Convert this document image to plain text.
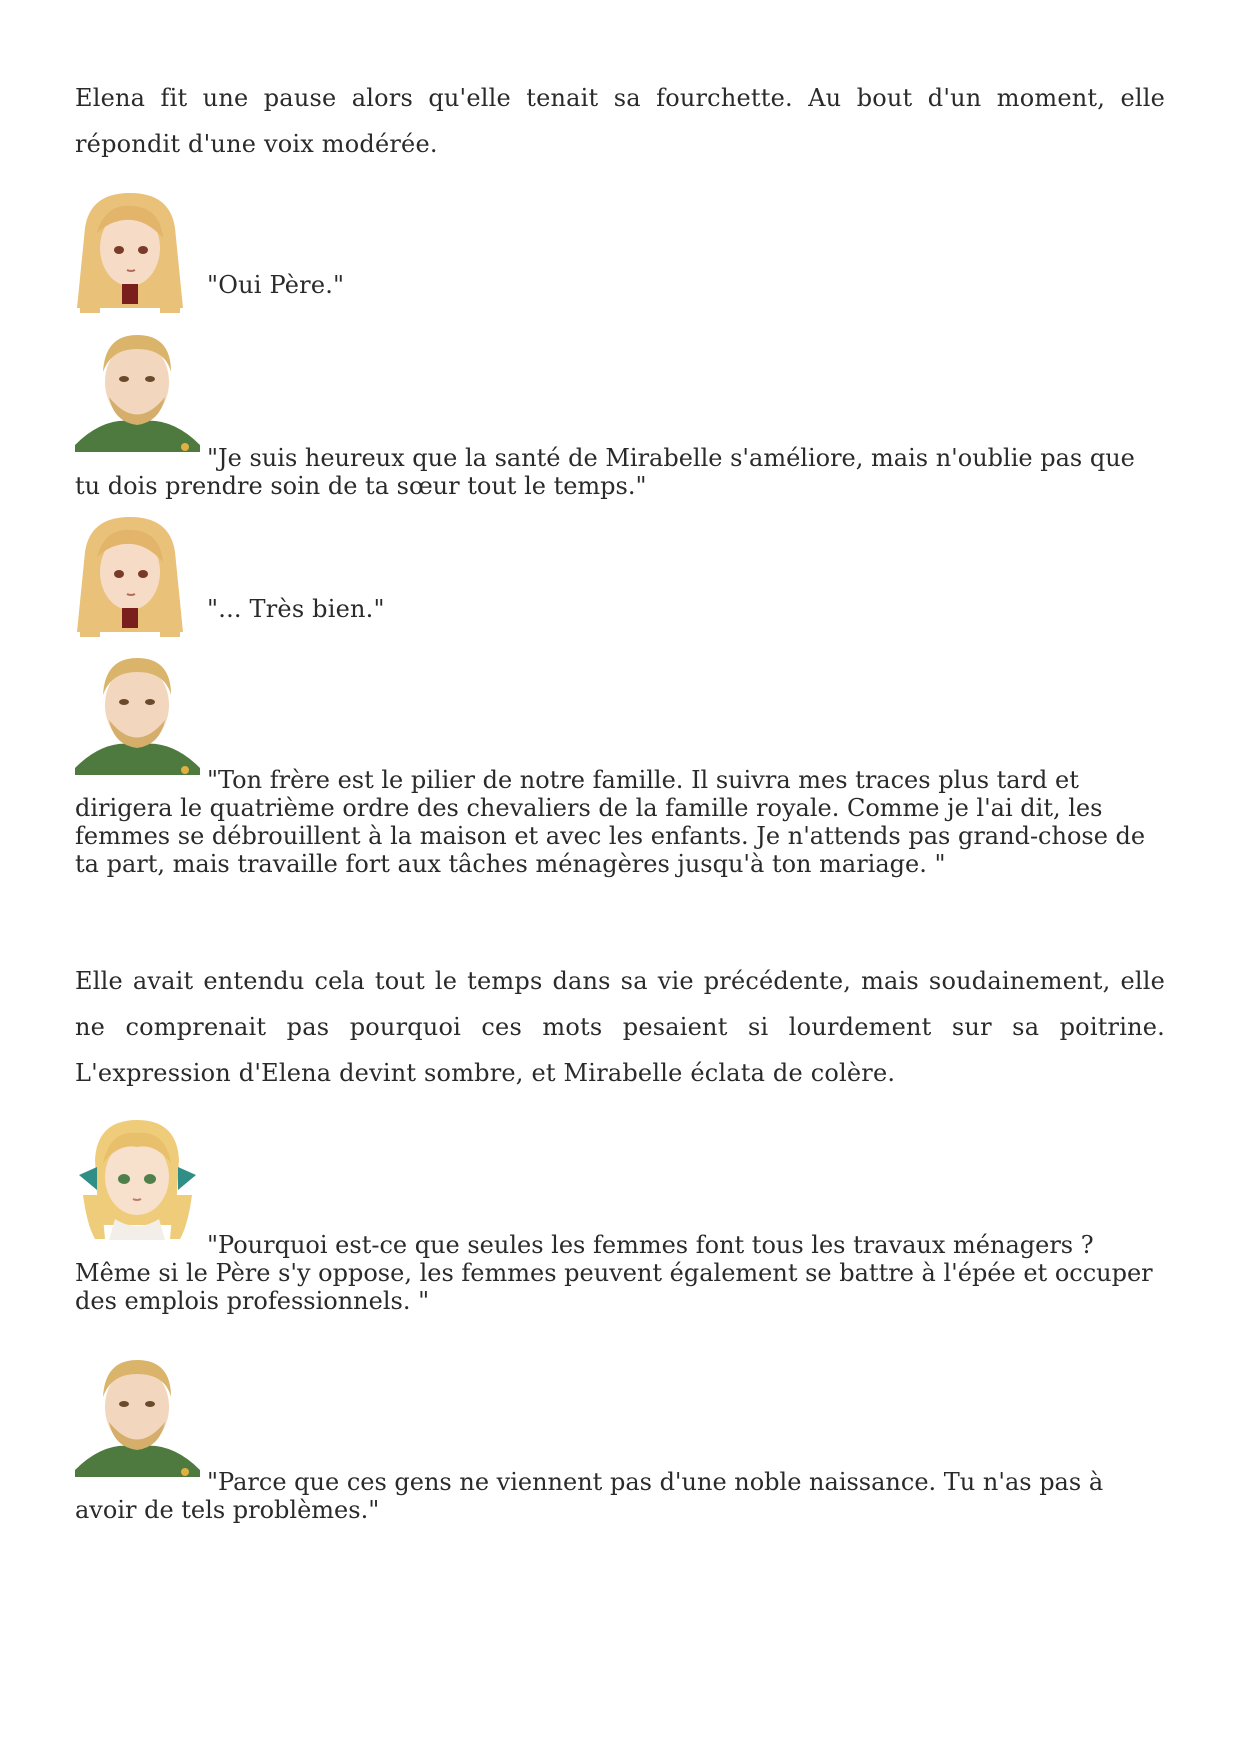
Elena fit une pause alors qu'elle tenait sa fourchette. Au bout d'un moment, elle répondit d'une voix modérée.

"Oui Père."

"Je suis heureux que la santé de Mirabelle s'améliore, mais n'oublie pas que tu dois prendre soin de ta sœur tout le temps."

"... Très bien."

"Ton frère est le pilier de notre famille. Il suivra mes traces plus tard et dirigera le quatrième ordre des chevaliers de la famille royale. Comme je l'ai dit, les femmes se débrouillent à la maison et avec les enfants. Je n'attends pas grand-chose de ta part, mais travaille fort aux tâches ménagères jusqu'à ton mariage. "

Elle avait entendu cela tout le temps dans sa vie précédente, mais soudainement, elle ne comprenait pas pourquoi ces mots pesaient si lourdement sur sa poitrine. L'expression d'Elena devint sombre, et Mirabelle éclata de colère.

"Pourquoi est-ce que seules les femmes font tous les travaux ménagers ? Même si le Père s'y oppose, les femmes peuvent également se battre à l'épée et occuper des emplois professionnels. "

"Parce que ces gens ne viennent pas d'une noble naissance. Tu n'as pas à avoir de tels problèmes."
